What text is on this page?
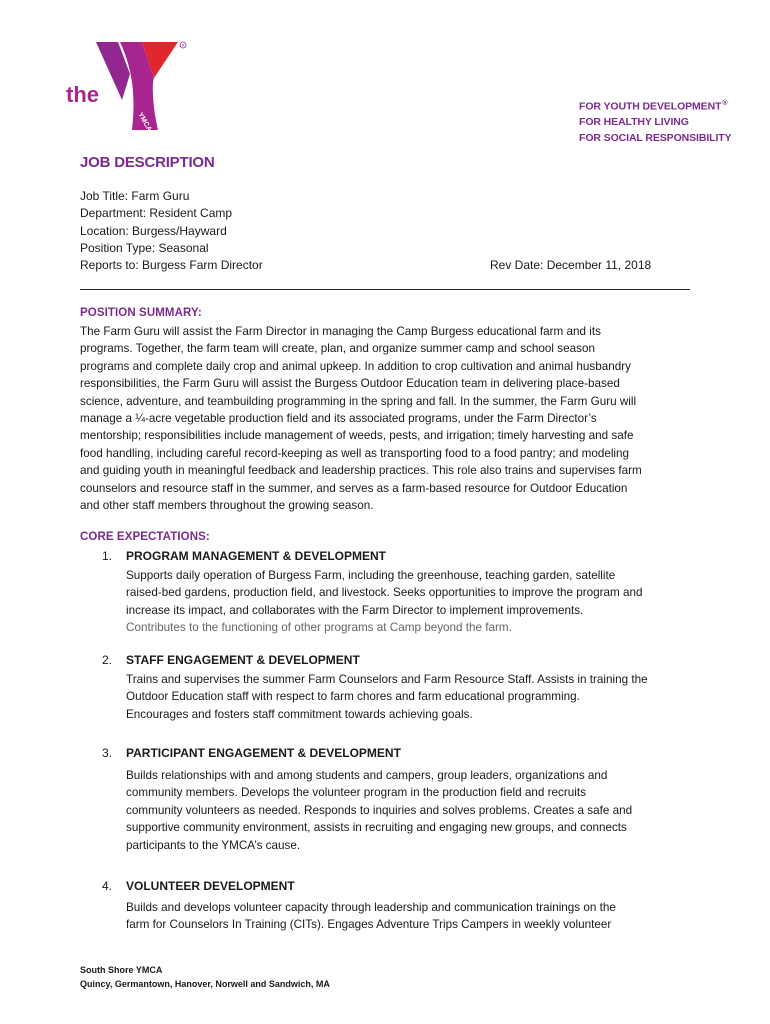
R
the
YMCA
FOR YOUTH DEVELOPMENT®
FOR HEALTHY LIVING
FOR SOCIAL RESPONSIBILITY
JOB DESCRIPTION
Job Title: Farm Guru
Department: Resident Camp
Location: Burgess/Hayward
Position Type: Seasonal
Reports to: Burgess Farm Director	Rev Date: December 11, 2018
POSITION SUMMARY:
The Farm Guru will assist the Farm Director in managing the Camp Burgess educational farm and its
programs. Together, the farm team will create, plan, and organize summer camp and school season
programs and complete daily crop and animal upkeep. In addition to crop cultivation and animal husbandry
responsibilities, the Farm Guru will assist the Burgess Outdoor Education team in delivering place-based
science, adventure, and teambuilding programming in the spring and fall. In the summer, the Farm Guru will
manage a ¼-acre vegetable production field and its associated programs, under the Farm Director’s
mentorship; responsibilities include management of weeds, pests, and irrigation; timely harvesting and safe
food handling, including careful record-keeping as well as transporting food to a food pantry; and modeling
and guiding youth in meaningful feedback and leadership practices. This role also trains and supervises farm
counselors and resource staff in the summer, and serves as a farm-based resource for Outdoor Education
and other staff members throughout the growing season.
CORE EXPECTATIONS:
1. PROGRAM MANAGEMENT & DEVELOPMENT
Supports daily operation of Burgess Farm, including the greenhouse, teaching garden, satellite
raised-bed gardens, production field, and livestock. Seeks opportunities to improve the program and
increase its impact, and collaborates with the Farm Director to implement improvements.
Contributes to the functioning of other programs at Camp beyond the farm.
2. STAFF ENGAGEMENT & DEVELOPMENT
Trains and supervises the summer Farm Counselors and Farm Resource Staff. Assists in training the
Outdoor Education staff with respect to farm chores and farm educational programming.
Encourages and fosters staff commitment towards achieving goals.
3. PARTICIPANT ENGAGEMENT & DEVELOPMENT
Builds relationships with and among students and campers, group leaders, organizations and
community members. Develops the volunteer program in the production field and recruits
community volunteers as needed. Responds to inquiries and solves problems. Creates a safe and
supportive community environment, assists in recruiting and engaging new groups, and connects
participants to the YMCA’s cause.
4. VOLUNTEER DEVELOPMENT
Builds and develops volunteer capacity through leadership and communication trainings on the
farm for Counselors In Training (CITs). Engages Adventure Trips Campers in weekly volunteer
South Shore YMCA
Quincy, Germantown, Hanover, Norwell and Sandwich, MA
